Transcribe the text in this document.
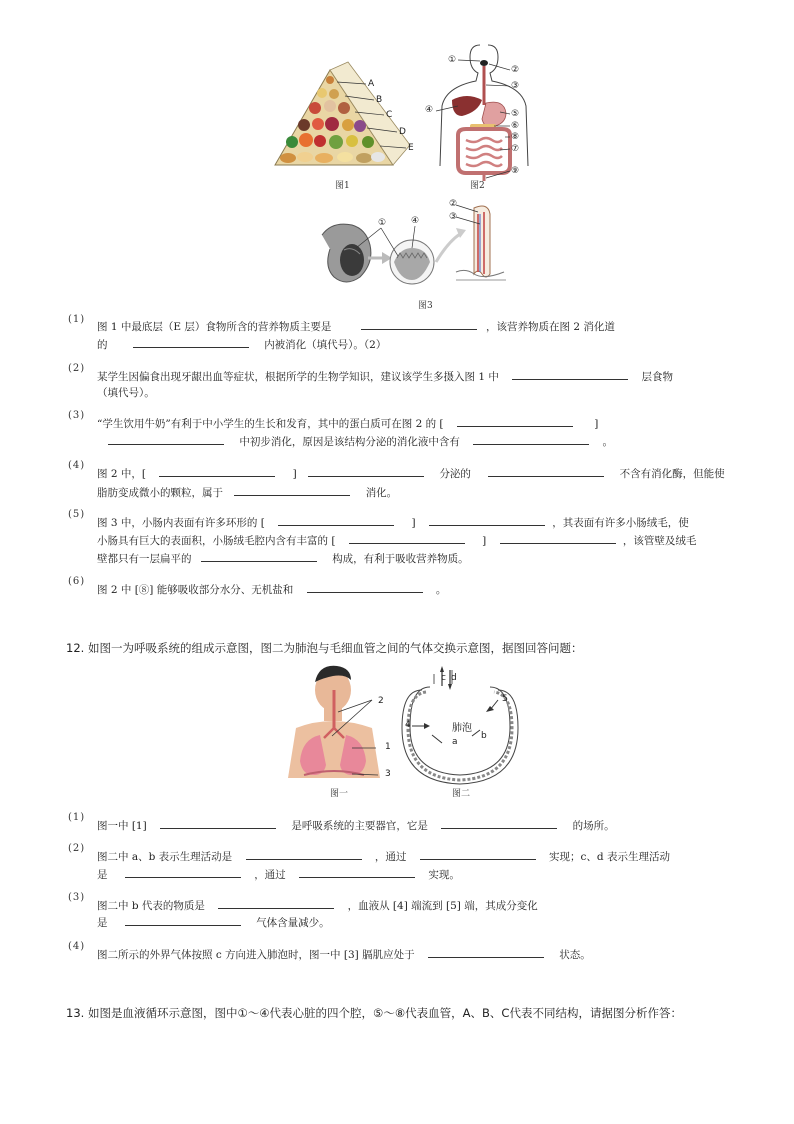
A
B
C
D
E
图1
①
②
③
④	⑤
⑥
⑧
⑦
⑨
图2
①	④
②
③
图3
(1)
图 1 中最底层（E 层）食物所含的营养物质主要是	，该营养物质在图 2 消化道
的	内被消化（填代号）。（2）
(2)
某学生因偏食出现牙龈出血等症状，根据所学的生物学知识，建议该学生多摄入图 1 中	层食物
（填代号）。
(3)
“学生饮用牛奶”有利于中小学生的生长和发育，其中的蛋白质可在图 2 的 [	]
中初步消化，原因是该结构分泌的消化液中含有	。
(4)
图 2 中，[	]	分泌的	不含有消化酶，但能使
脂肪变成微小的颗粒，属于	消化。
(5)
图 3 中，小肠内表面有许多环形的 [	]	，其表面有许多小肠绒毛，使
小肠具有巨大的表面积，小肠绒毛腔内含有丰富的 [	]	，该管壁及绒毛
壁都只有一层扁平的	构成，有利于吸收营养物质。
(6)
图 2 中 [⑧] 能够吸收部分水分、无机盐和	。
12. 如图一为呼吸系统的组成示意图，图二为肺泡与毛细血管之间的气体交换示意图，据图回答问题：
2
1
3
图一
c d
5
4	肺泡
a
b
图二
(1)
图一中 [1]	是呼吸系统的主要器官，它是	的场所。
(2)
图二中 a、b 表示生理活动是	，通过	实现；c、d 表示生理活动
是	，通过	实现。
(3)
图二中 b 代表的物质是	，血液从 [4] 端流到 [5] 端，其成分变化
是	气体含量减少。
(4)
图二所示的外界气体按照 c 方向进入肺泡时，图一中 [3] 膈肌应处于	状态。
13. 如图是血液循环示意图，图中①～④代表心脏的四个腔，⑤～⑧代表血管，A、B、C代表不同结构，请据图分析作答：
